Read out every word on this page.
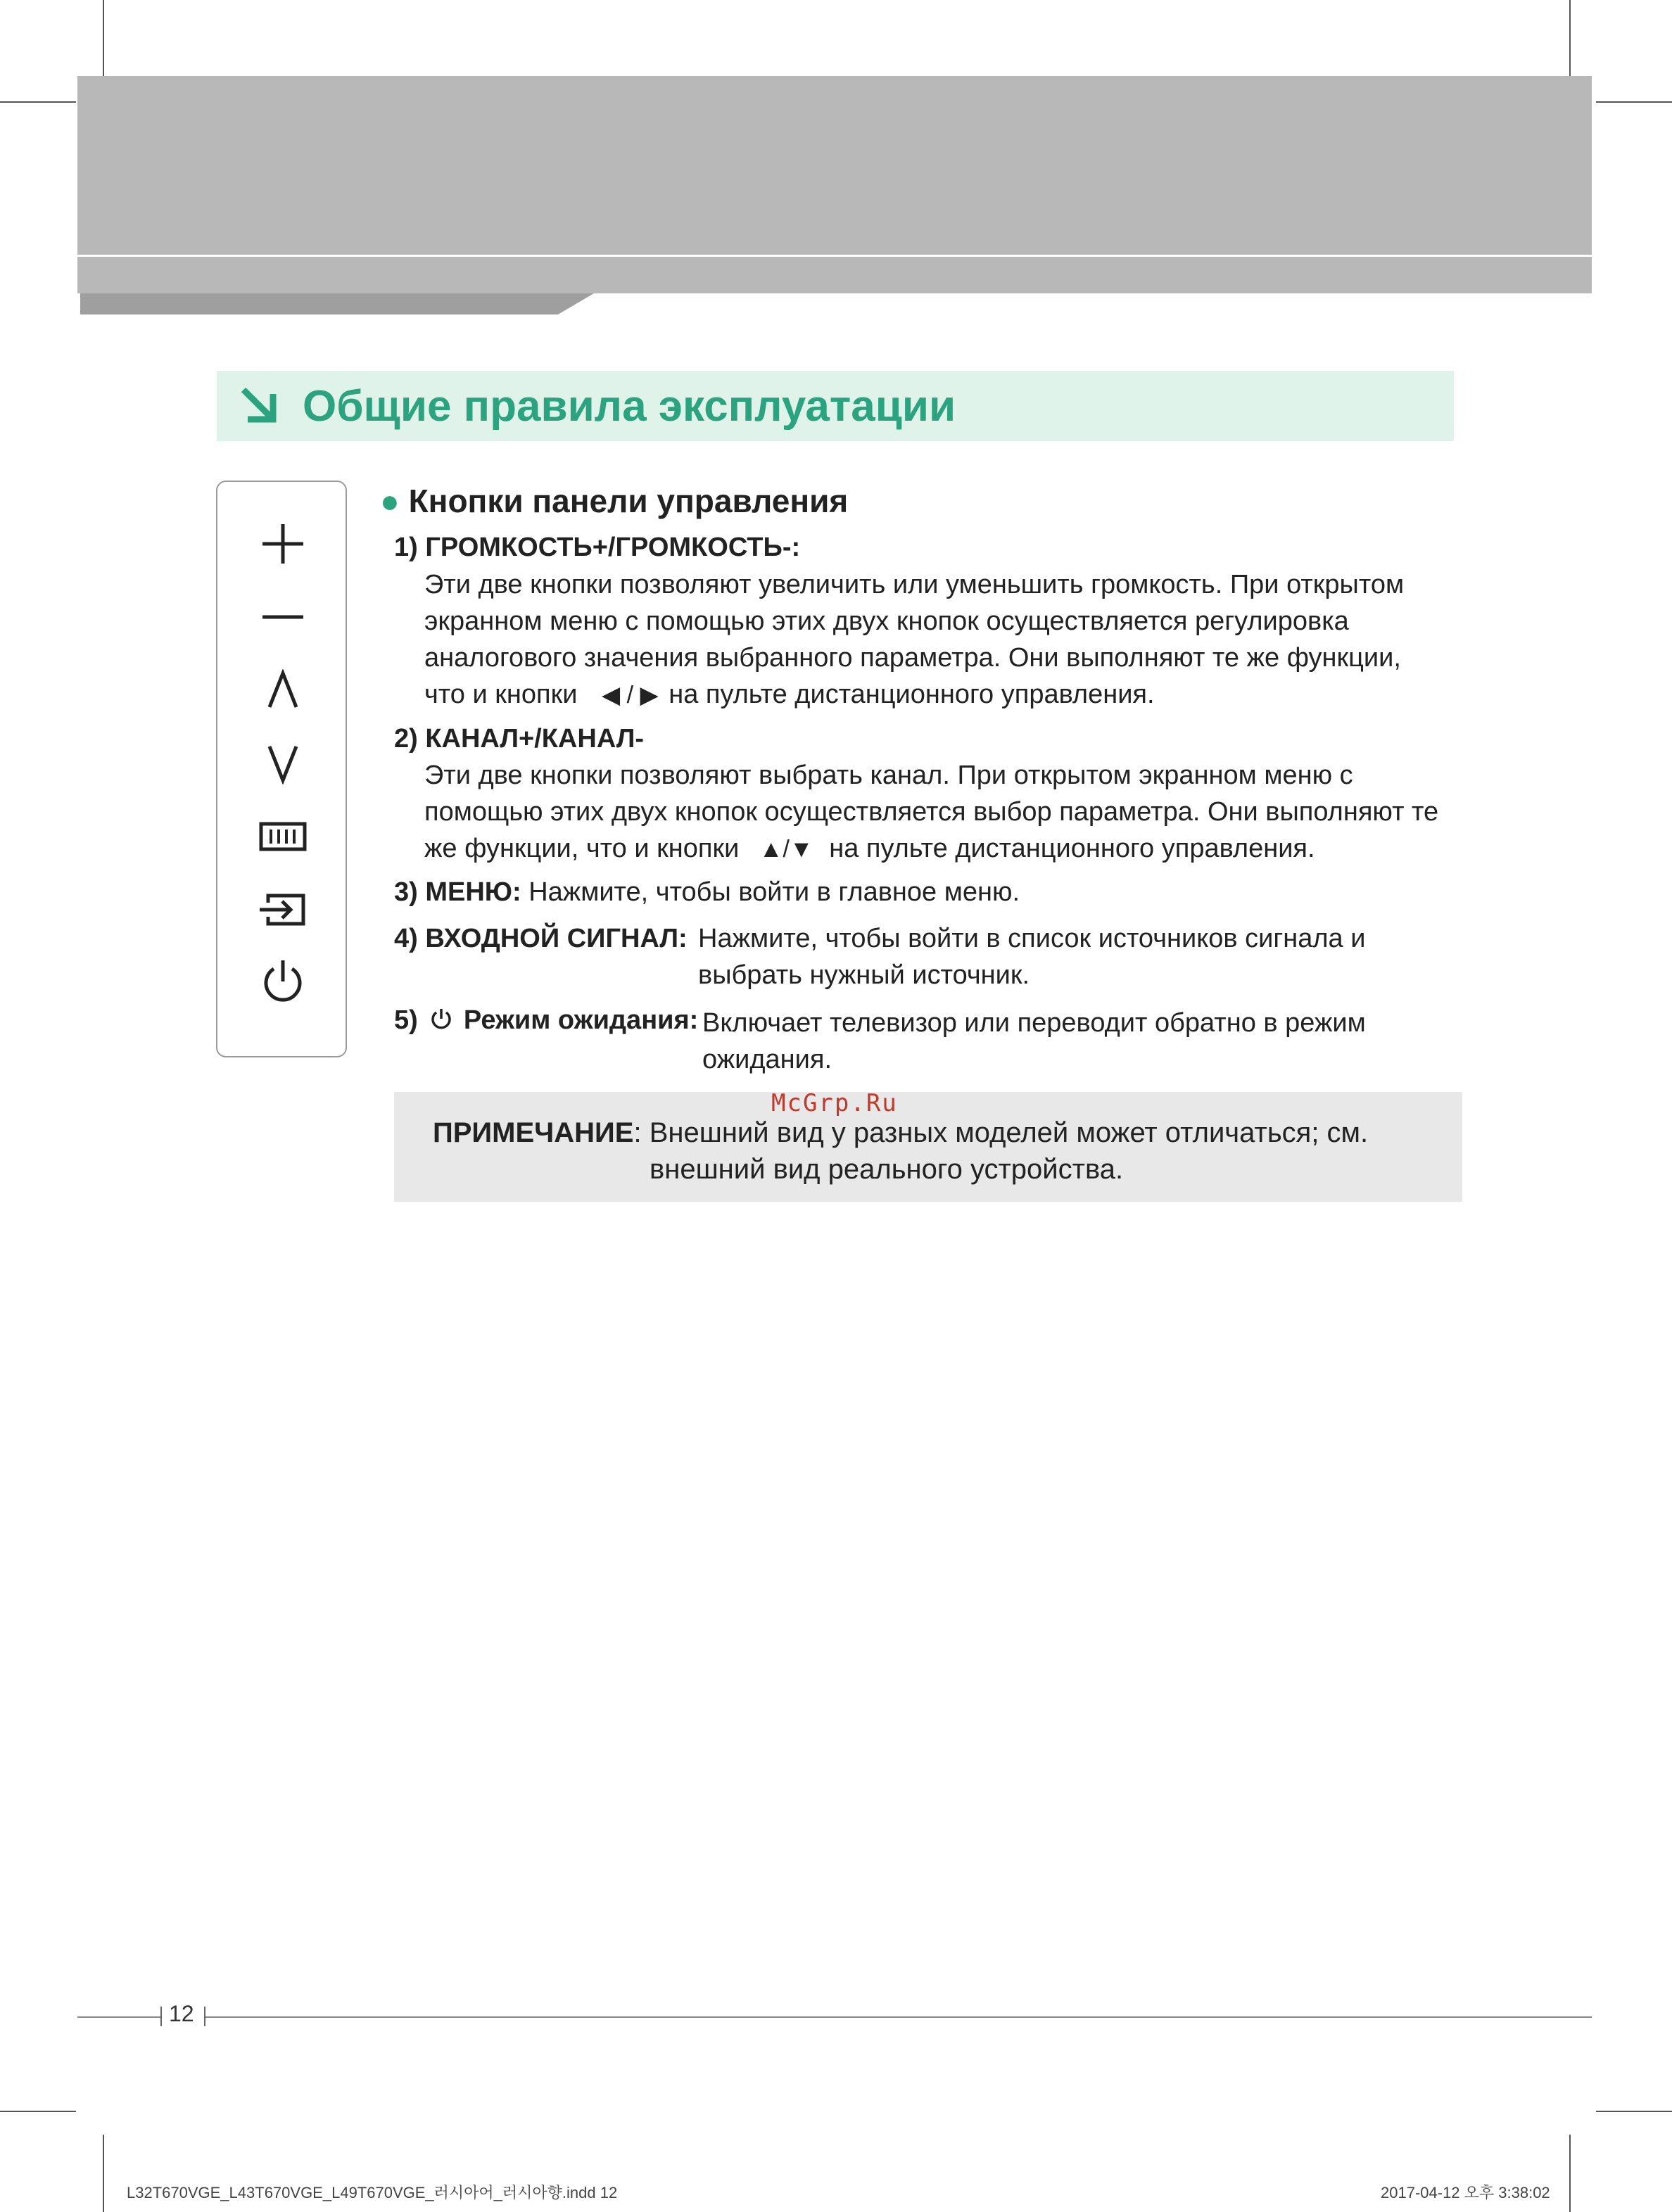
Общие правила эксплуатации
● Кнопки панели управления
1) ГРОМКОСТЬ+/ГРОМКОСТЬ-:
Эти две кнопки позволяют увеличить или уменьшить громкость. При открытом
экранном меню с помощью этих двух кнопок осуществляется регулировка
аналогового значения выбранного параметра. Они выполняют те же функции,
что и кнопки ◀ / ▶ на пульте дистанционного управления.
2) КАНАЛ+/КАНАЛ-
Эти две кнопки позволяют выбрать канал. При открытом экранном меню с
помощью этих двух кнопок осуществляется выбор параметра. Они выполняют те
же функции, что и кнопки ▲/▼ на пульте дистанционного управления.
3) МЕНЮ: Нажмите, чтобы войти в главное меню.
4) ВХОДНОЙ СИГНАЛ: Нажмите, чтобы войти в список источников сигнала и
выбрать нужный источник.
5) Режим ожидания: Включает телевизор или переводит обратно в режим
ожидания.
McGrp.Ru
ПРИМЕЧАНИЕ: Внешний вид у разных моделей может отличаться; см.
внешний вид реального устройства.
12
L32T670VGE_L43T670VGE_L49T670VGE_러시아어_러시아향.indd 12	2017-04-12 오후 3:38:02
